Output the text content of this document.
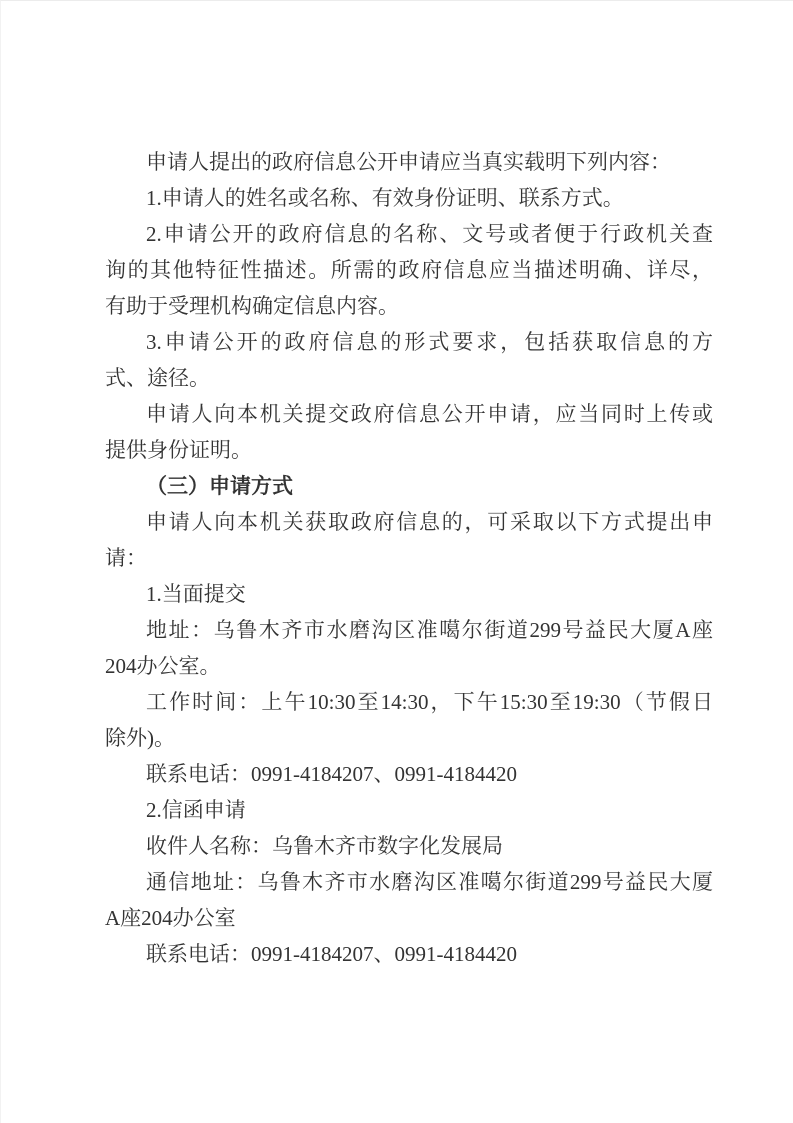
申请人提出的政府信息公开申请应当真实载明下列内容：
1.申请人的姓名或名称、有效身份证明、联系方式。
2.申请公开的政府信息的名称、文号或者便于行政机关查
询的其他特征性描述。所需的政府信息应当描述明确、详尽，
有助于受理机构确定信息内容。
3.申请公开的政府信息的形式要求，包括获取信息的方
式、途径。
申请人向本机关提交政府信息公开申请，应当同时上传或
提供身份证明。
（三）申请方式
申请人向本机关获取政府信息的，可采取以下方式提出申
请：
1.当面提交
地址：乌鲁木齐市水磨沟区准噶尔街道299号益民大厦A座
204办公室。
工作时间：上午10:30至14:30，下午15:30至19:30（节假日
除外)。
联系电话：0991-4184207、0991-4184420
2.信函申请
收件人名称：乌鲁木齐市数字化发展局
通信地址：乌鲁木齐市水磨沟区准噶尔街道299号益民大厦
A座204办公室
联系电话：0991-4184207、0991-4184420
